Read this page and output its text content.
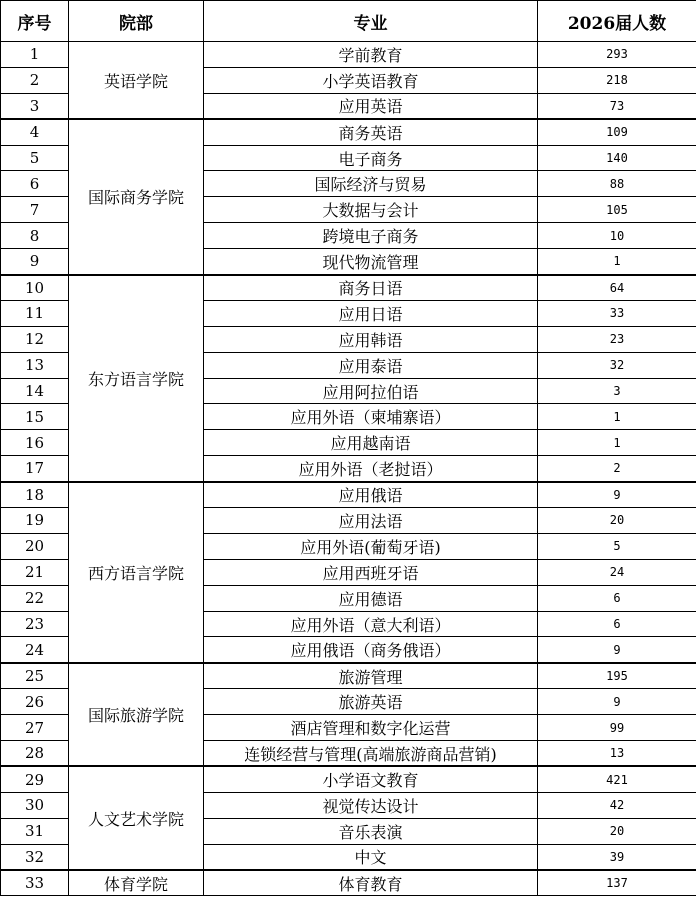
序号	院部	专业	2026届人数
1	英语学院	学前教育	293
2		小学英语教育	218
3		应用英语	73
4	国际商务学院	商务英语	109
5		电子商务	140
6		国际经济与贸易	88
7		大数据与会计	105
8		跨境电子商务	10
9		现代物流管理	1
10	东方语言学院	商务日语	64
11		应用日语	33
12		应用韩语	23
13		应用泰语	32
14		应用阿拉伯语	3
15		应用外语（柬埔寨语）	1
16		应用越南语	1
17		应用外语（老挝语）	2
18	西方语言学院	应用俄语	9
19		应用法语	20
20		应用外语(葡萄牙语)	5
21		应用西班牙语	24
22		应用德语	6
23		应用外语（意大利语）	6
24		应用俄语（商务俄语）	9
25	国际旅游学院	旅游管理	195
26		旅游英语	9
27		酒店管理和数字化运营	99
28		连锁经营与管理(高端旅游商品营销)	13
29	人文艺术学院	小学语文教育	421
30		视觉传达设计	42
31		音乐表演	20
32		中文	39
33	体育学院	体育教育	137
